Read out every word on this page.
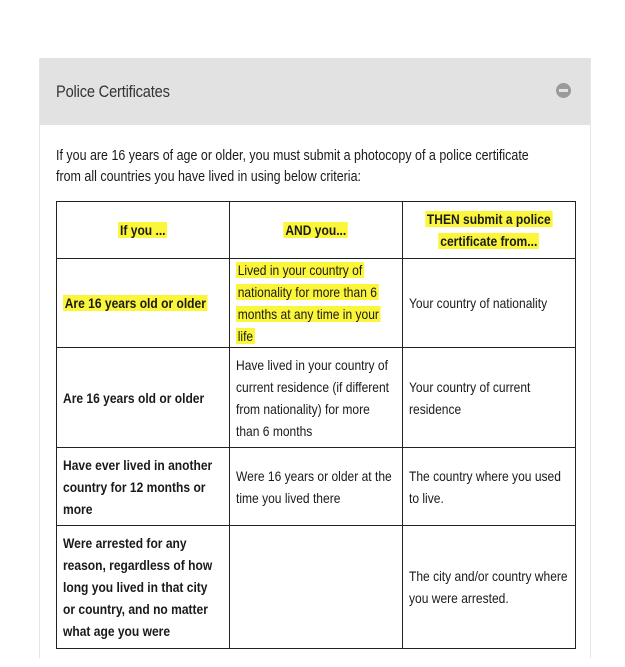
Police Certificates
If you are 16 years of age or older, you must submit a photocopy of a police certificate from all countries you have lived in using below criteria:
If you ...	AND you...	THEN submit a police certificate from...

Are 16 years old or older	Lived in your country of nationality for more than 6 months at any time in your life	Your country of nationality

Are 16 years old or older	Have lived in your country of current residence (if different from nationality) for more than 6 months	Your country of current residence

Have ever lived in another country for 12 months or more	Were 16 years or older at the time you lived there	The country where you used to live.

Were arrested for any reason, regardless of how long you lived in that city or country, and no matter what age you were		The city and/or country where you were arrested.
